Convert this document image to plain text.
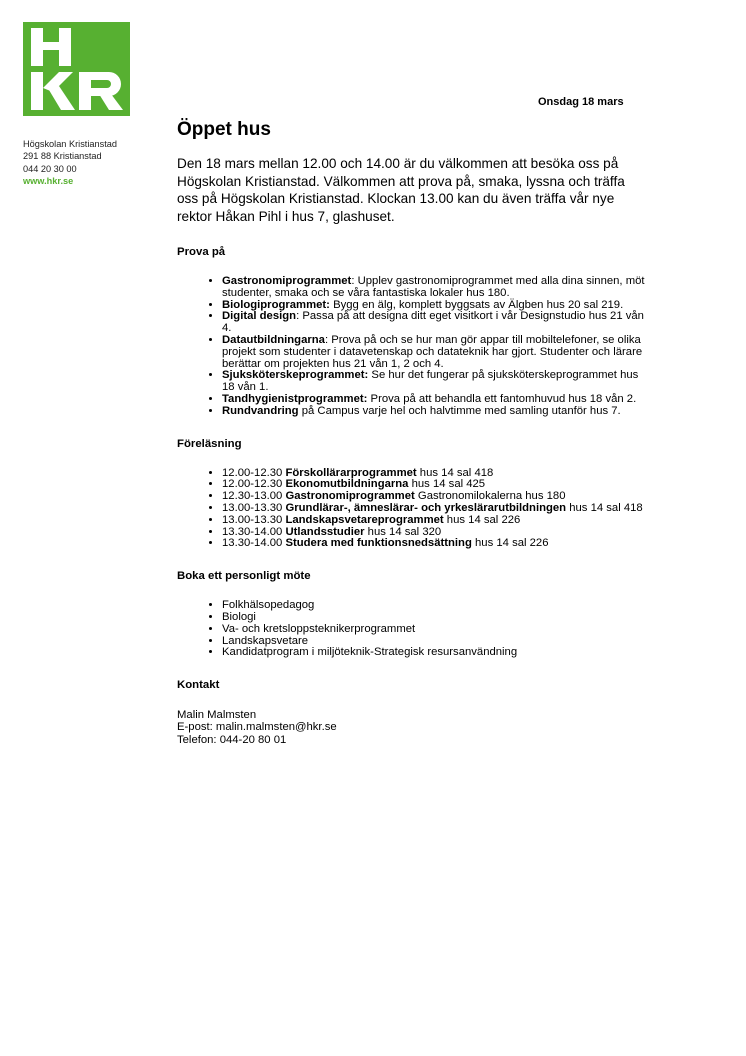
Högskolan Kristianstad
291 88 Kristianstad
044 20 30 00
www.hkr.se
Onsdag 18 mars
Öppet hus

Den 18 mars mellan 12.00 och 14.00 är du välkommen att besöka oss på Högskolan Kristianstad. Välkommen att prova på, smaka, lyssna och träffa oss på Högskolan Kristianstad. Klockan 13.00 kan du även träffa vår nye rektor Håkan Pihl i hus 7, glashuset.

Prova på
• Gastronomiprogrammet: Upplev gastronomiprogrammet med alla dina sinnen, möt studenter, smaka och se våra fantastiska lokaler hus 180.
• Biologiprogrammet: Bygg en älg, komplett byggsats av Älgben hus 20 sal 219.
• Digital design: Passa på att designa ditt eget visitkort i vår Designstudio hus 21 vån 4.
• Datautbildningarna: Prova på och se hur man gör appar till mobiltelefoner, se olika projekt som studenter i datavetenskap och datateknik har gjort. Studenter och lärare berättar om projekten hus 21 vån 1, 2 och 4.
• Sjuksköterskeprogrammet: Se hur det fungerar på sjuksköterskeprogrammet hus 18 vån 1.
• Tandhygienistprogrammet: Prova på att behandla ett fantomhuvud hus 18 vån 2.
• Rundvandring på Campus varje hel och halvtimme med samling utanför hus 7.
Föreläsning
• 12.00-12.30 Förskollärarprogrammet hus 14 sal 418
• 12.00-12.30 Ekonomutbildningarna hus 14 sal 425
• 12.30-13.00 Gastronomiprogrammet Gastronomilokalerna hus 180
• 13.00-13.30 Grundlärar-, ämneslärar- och yrkeslärarutbildningen hus 14 sal 418
• 13.00-13.30 Landskapsvetareprogrammet hus 14 sal 226
• 13.30-14.00 Utlandsstudier hus 14 sal 320
• 13.30-14.00 Studera med funktionsnedsättning hus 14 sal 226
Boka ett personligt möte
• Folkhälsopedagog
• Biologi
• Va- och kretsloppsteknikerprogrammet
• Landskapsvetare
• Kandidatprogram i miljöteknik-Strategisk resursanvändning
Kontakt
Malin Malmsten
E-post: malin.malmsten@hkr.se
Telefon: 044-20 80 01
